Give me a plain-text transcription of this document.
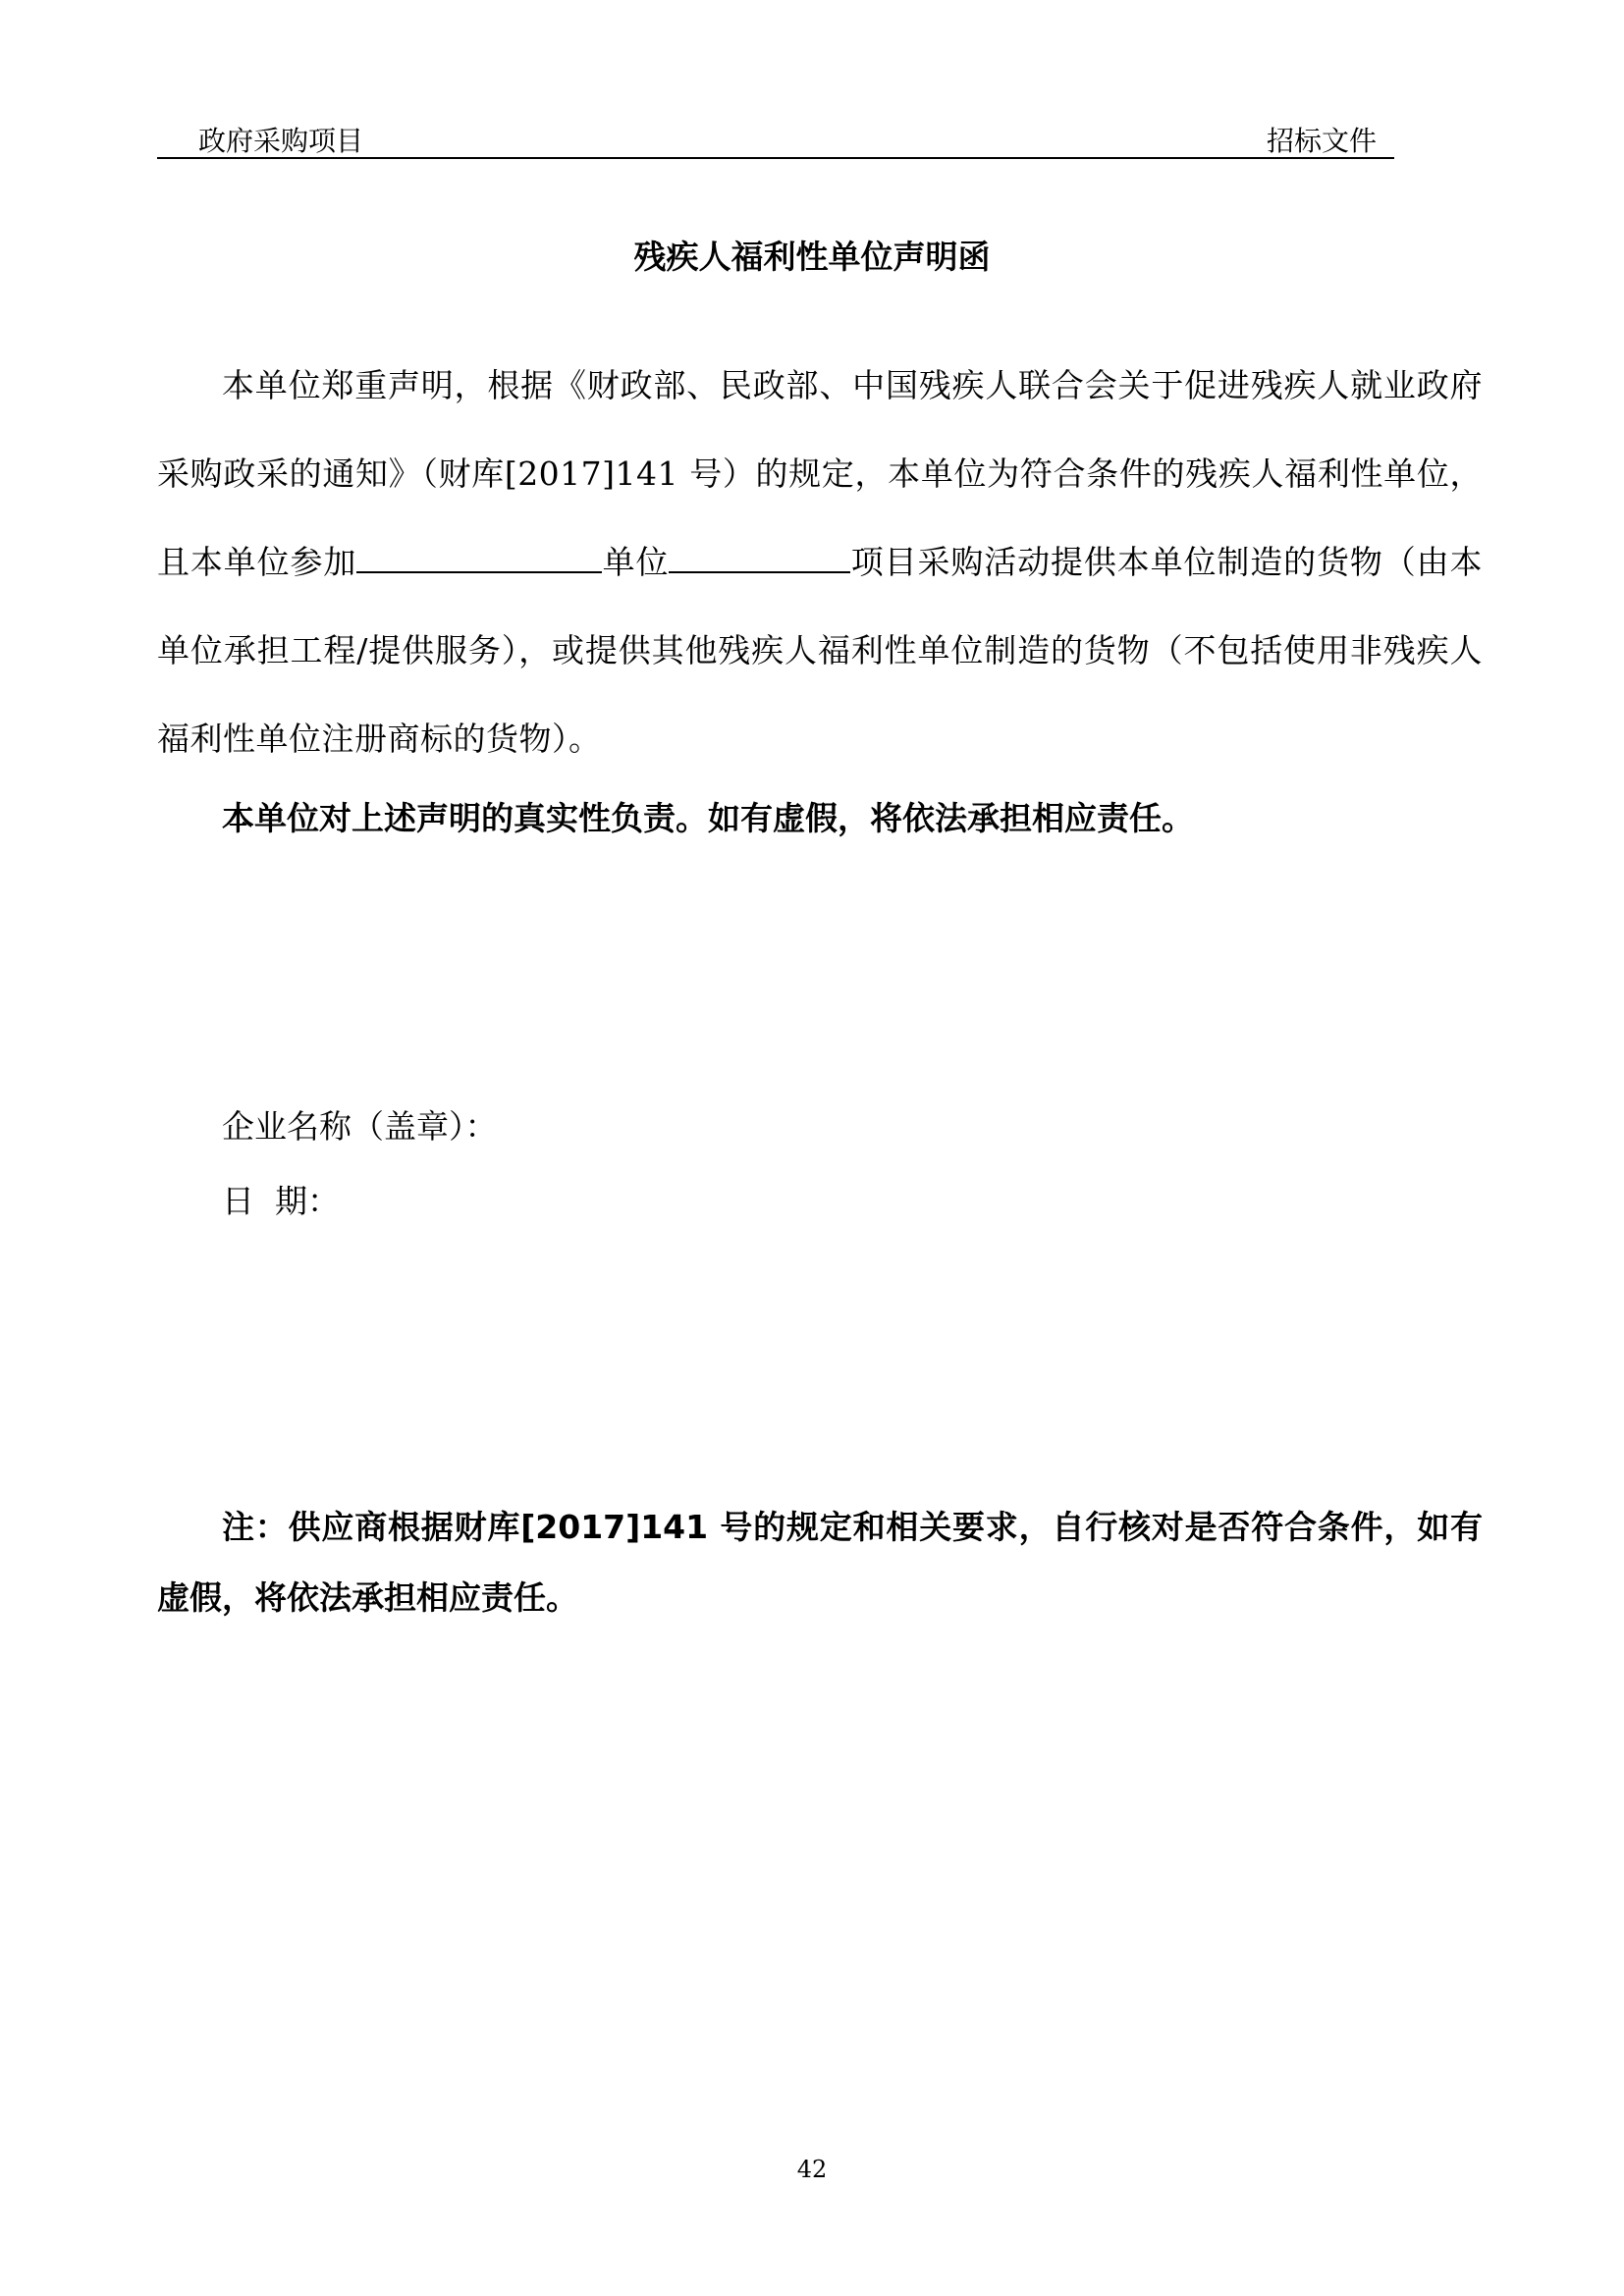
政府采购项目	招标文件
残疾人福利性单位声明函

本单位郑重声明，根据《财政部、民政部、中国残疾人联合会关于促进残疾人就业政府采购政采的通知》（财库[2017]141 号）的规定，本单位为符合条件的残疾人福利性单位，且本单位参加	单位	项目采购活动提供本单位制造的货物（由本单位承担工程/提供服务），或提供其他残疾人福利性单位制造的货物（不包括使用非残疾人福利性单位注册商标的货物）。

本单位对上述声明的真实性负责。如有虚假，将依法承担相应责任。
企业名称（盖章）：
日  期：

注：供应商根据财库[2017]141 号的规定和相关要求，自行核对是否符合条件，如有虚假，将依法承担相应责任。

42
